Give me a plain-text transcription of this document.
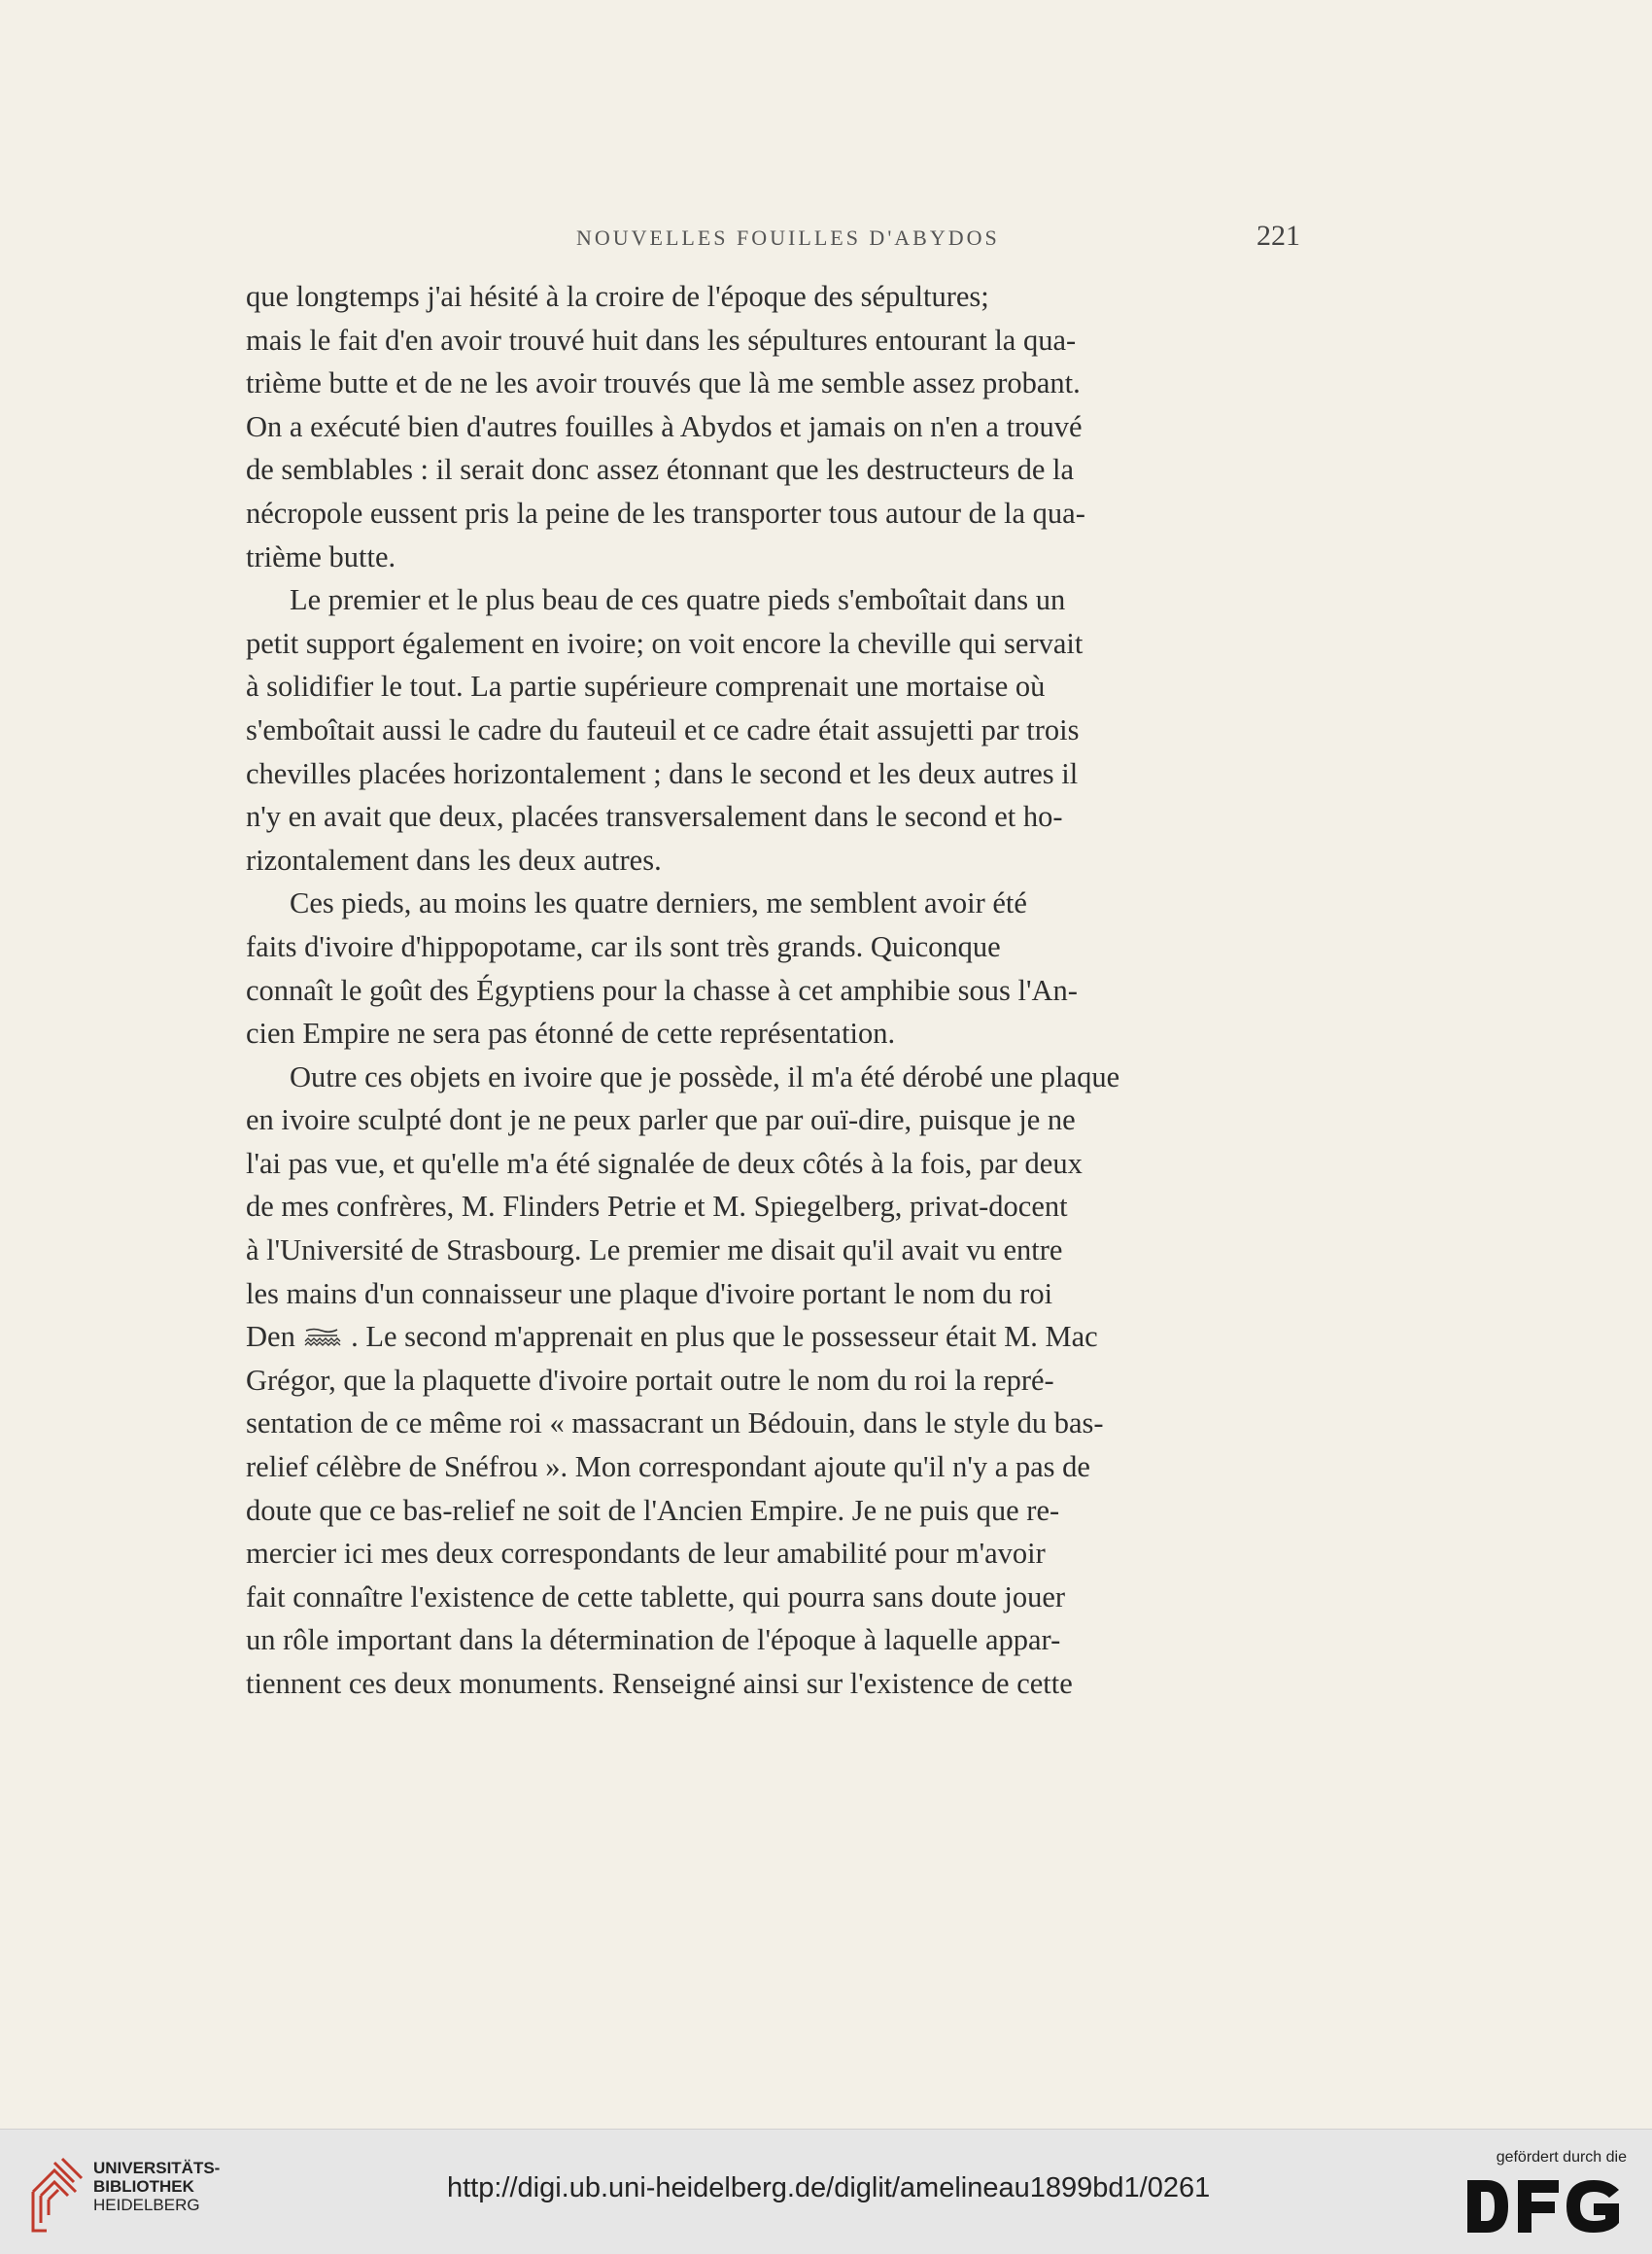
NOUVELLES FOUILLES D'ABYDOS	221
que longtemps j'ai hésité à la croire de l'époque des sépultures;
mais le fait d'en avoir trouvé huit dans les sépultures entourant la qua-
trième butte et de ne les avoir trouvés que là me semble assez probant.
On a exécuté bien d'autres fouilles à Abydos et jamais on n'en a trouvé
de semblables : il serait donc assez étonnant que les destructeurs de la
nécropole eussent pris la peine de les transporter tous autour de la qua-
trième butte.
Le premier et le plus beau de ces quatre pieds s'emboîtait dans un
petit support également en ivoire; on voit encore la cheville qui servait
à solidifier le tout. La partie supérieure comprenait une mortaise où
s'emboîtait aussi le cadre du fauteuil et ce cadre était assujetti par trois
chevilles placées horizontalement ; dans le second et les deux autres il
n'y en avait que deux, placées transversalement dans le second et ho-
rizontalement dans les deux autres.
Ces pieds, au moins les quatre derniers, me semblent avoir été
faits d'ivoire d'hippopotame, car ils sont très grands. Quiconque
connaît le goût des Égyptiens pour la chasse à cet amphibie sous l'An-
cien Empire ne sera pas étonné de cette représentation.
Outre ces objets en ivoire que je possède, il m'a été dérobé une plaque
en ivoire sculpté dont je ne peux parler que par ouï-dire, puisque je ne
l'ai pas vue, et qu'elle m'a été signalée de deux côtés à la fois, par deux
de mes confrères, M. Flinders Petrie et M. Spiegelberg, privat-docent
à l'Université de Strasbourg. Le premier me disait qu'il avait vu entre
les mains d'un connaisseur une plaque d'ivoire portant le nom du roi
Den . Le second m'apprenait en plus que le possesseur était M. Mac
Grégor, que la plaquette d'ivoire portait outre le nom du roi la repré-
sentation de ce même roi « massacrant un Bédouin, dans le style du bas-
relief célèbre de Snéfrou ». Mon correspondant ajoute qu'il n'y a pas de
doute que ce bas-relief ne soit de l'Ancien Empire. Je ne puis que re-
mercier ici mes deux correspondants de leur amabilité pour m'avoir
fait connaître l'existence de cette tablette, qui pourra sans doute jouer
un rôle important dans la détermination de l'époque à laquelle appar-
tiennent ces deux monuments. Renseigné ainsi sur l'existence de cette
UNIVERSITÄTS-
BIBLIOTHEK
HEIDELBERG
http://digi.ub.uni-heidelberg.de/diglit/amelineau1899bd1/0261
gefördert durch die
